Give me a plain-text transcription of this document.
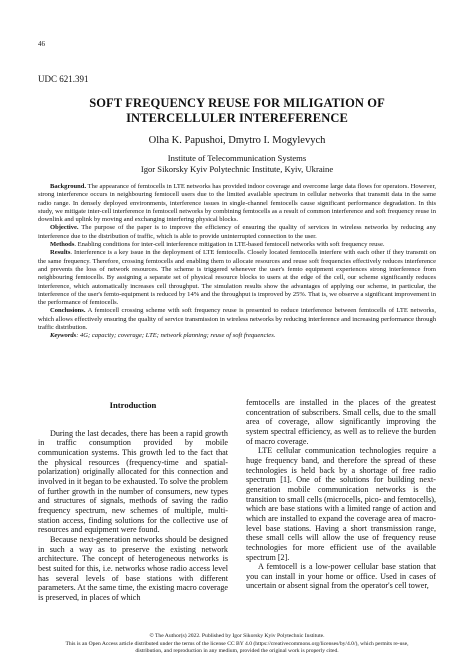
46
UDC 621.391
SOFT FREQUENCY REUSE FOR MILIGATION OF
INTERCELLULER INTEREFERENCE
Olha K. Papushoi, Dmytro I. Mogylevych
Institute of Telecommunication Systems
Igor Sikorsky Kyiv Polytechnic Institute, Kyiv, Ukraine

Background. The appearance of femtocells in LTE networks has provided indoor coverage and overcome large data flows for operators. However, strong interference occurs in neighbouring femtocell users due to the limited available spectrum in cellular networks that transmit data in the same radio range. In densely deployed environments, interference issues in single-channel femtocells cause significant performance degradation. In this study, we mitigate inter-cell interference in femtocell networks by combining femtocells as a result of common interference and soft frequency reuse in downlink and uplink by moving and exchanging interfering physical blocks.

Objective. The purpose of the paper is to improve the efficiency of ensuring the quality of services in wireless networks by reducing any interference due to the distribution of traffic, which is able to provide uninterrupted connection to the user.

Methods. Enabling conditions for inter-cell interference mitigation in LTE-based femtocell networks with soft frequency reuse.

Results. Interference is a key issue in the deployment of LTE femtocells. Closely located femtocells interfere with each other if they transmit on the same frequency. Therefore, crossing femtocells and enabling them to allocate resources and reuse soft frequencies effectively reduces interference and prevents the loss of network resources. The scheme is triggered whenever the user's femto equipment experiences strong interference from neighbouring femtocells. By assigning a separate set of physical resource blocks to users at the edge of the cell, our scheme significantly reduces interference, which automatically increases cell throughput. The simulation results show the advantages of applying our scheme, in particular, the interference of the user's femto-equipment is reduced by 14% and the throughput is improved by 25%. That is, we observe a significant improvement in the performance of femtocells.

Conclusions. A femtocell crossing scheme with soft frequency reuse is presented to reduce interference between femtocells of LTE networks, which allows effectively ensuring the quality of service transmission in wireless networks by reducing interference and increasing performance through traffic distribution.

Keywords: 4G; capacity; coverage; LTE; network planning; reuse of soft frequencies.

Introduction

During the last decades, there has been a rapid growth in traffic consumption provided by mobile communication systems. This growth led to the fact that the physical resources (frequency-time and spatial-polarization) originally allocated for this connection and involved in it began to be exhausted. To solve the problem of further growth in the number of consumers, new types and structures of signals, methods of saving the radio frequency spectrum, new schemes of multiple, multi-station access, finding solutions for the collective use of resources and equipment were found.

Because next-generation networks should be designed in such a way as to preserve the existing network architecture. The concept of heterogeneous networks is best suited for this, i.e. networks whose radio access level has several levels of base stations with different parameters. At the same time, the existing macro coverage is preserved, in places of which

femtocells are installed in the places of the greatest concentration of subscribers. Small cells, due to the small area of coverage, allow significantly improving the system spectral efficiency, as well as to relieve the burden of macro coverage.

LTE cellular communication technologies require a huge frequency band, and therefore the spread of these technologies is held back by a shortage of free radio spectrum [1]. One of the solutions for building next-generation mobile communication networks is the transition to small cells (microcells, pico- and femtocells), which are base stations with a limited range of action and which are installed to expand the coverage area of macro-level base stations. Having a short transmission range, these small cells will allow the use of frequency reuse technologies for more efficient use of the available spectrum [2].

A femtocell is a low-power cellular base station that you can install in your home or office. Used in cases of uncertain or absent signal from the operator's cell tower,

© The Author(s) 2022. Published by Igor Sikorsky Kyiv Polytechnic Institute.
This is an Open Access article distributed under the terms of the license CC BY 4.0 (https://creativecommons.org/licenses/by/4.0/), which permits re-use,
distribution, and reproduction in any medium, provided the original work is properly cited.
